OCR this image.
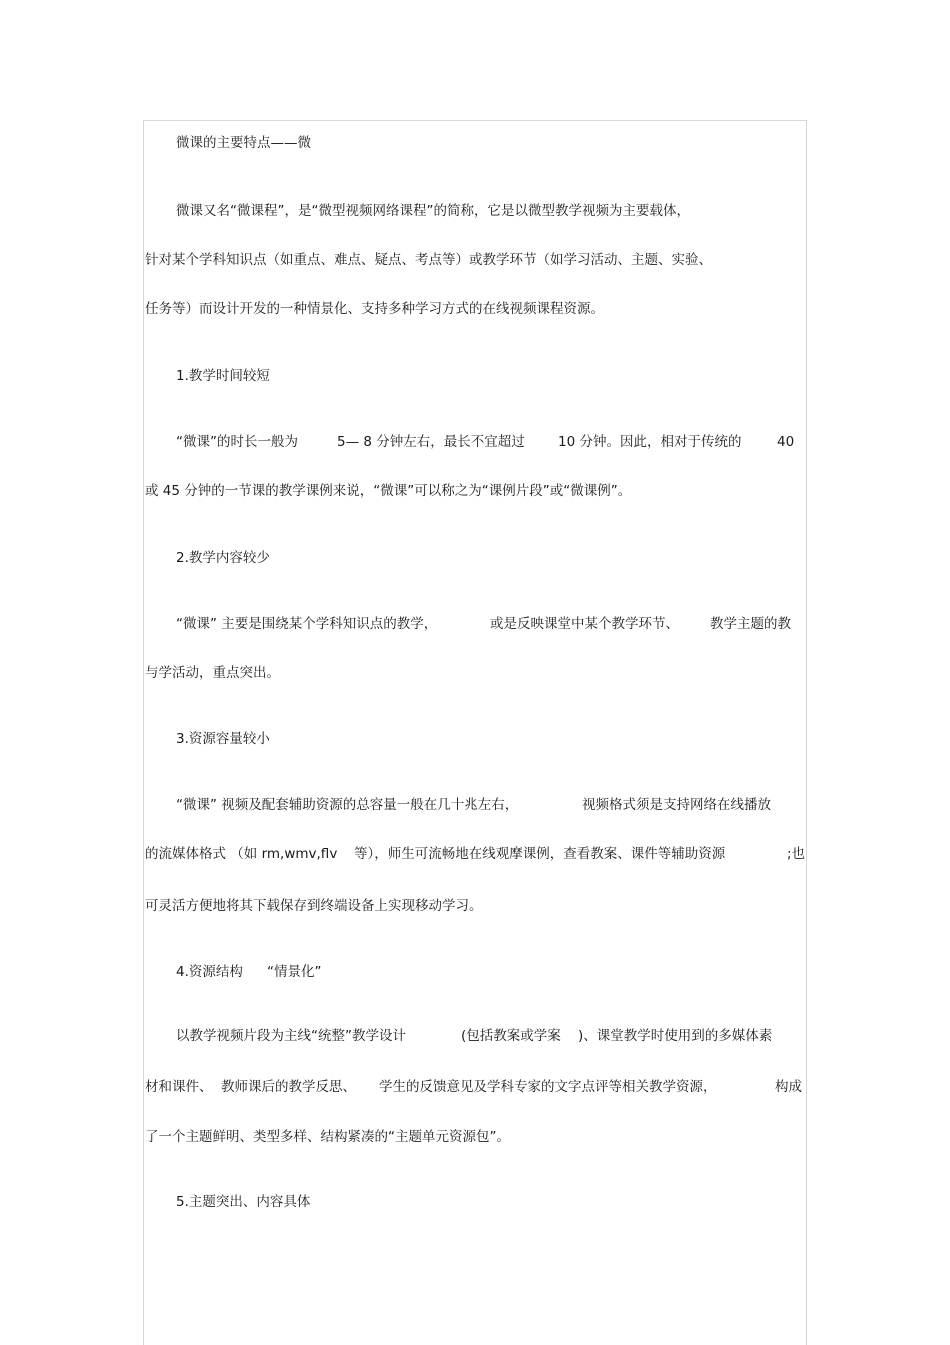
微课的主要特点——微

微课又名“微课程”，是“微型视频网络课程”的简称，它是以微型教学视频为主要载体，

针对某个学科知识点（如重点、难点、疑点、考点等）或教学环节（如学习活动、主题、实验、

任务等）而设计开发的一种情景化、支持多种学习方式的在线视频课程资源。

1.教学时间较短

“微课”的时长一般为	5— 8 分钟左右，最长不宜超过 10 分钟。因此，相对于传统的	40

或 45 分钟的一节课的教学课例来说，“微课”可以称之为“课例片段”或“微课例”。

2.教学内容较少

“微课” 主要是围绕某个学科知识点的教学，	或是反映课堂中某个教学环节、 教学主题的教

与学活动，重点突出。

3.资源容量较小

“微课” 视频及配套辅助资源的总容量一般在几十兆左右，	视频格式须是支持网络在线播放
的流媒体格式 （如 rm,wmv,flv 等），师生可流畅地在线观摩课例，查看教案、课件等辅助资源	;也

可灵活方便地将其下载保存到终端设备上实现移动学习。

4.资源结构 “情景化”
以教学视频片段为主线“统整”教学设计	(包括教案或学案 )、课堂教学时使用到的多媒体素
材和课件、 教师课后的教学反思、 学生的反馈意见及学科专家的文字点评等相关教学资源，	构成

了一个主题鲜明、类型多样、结构紧凑的“主题单元资源包”。

5.主题突出、内容具体
